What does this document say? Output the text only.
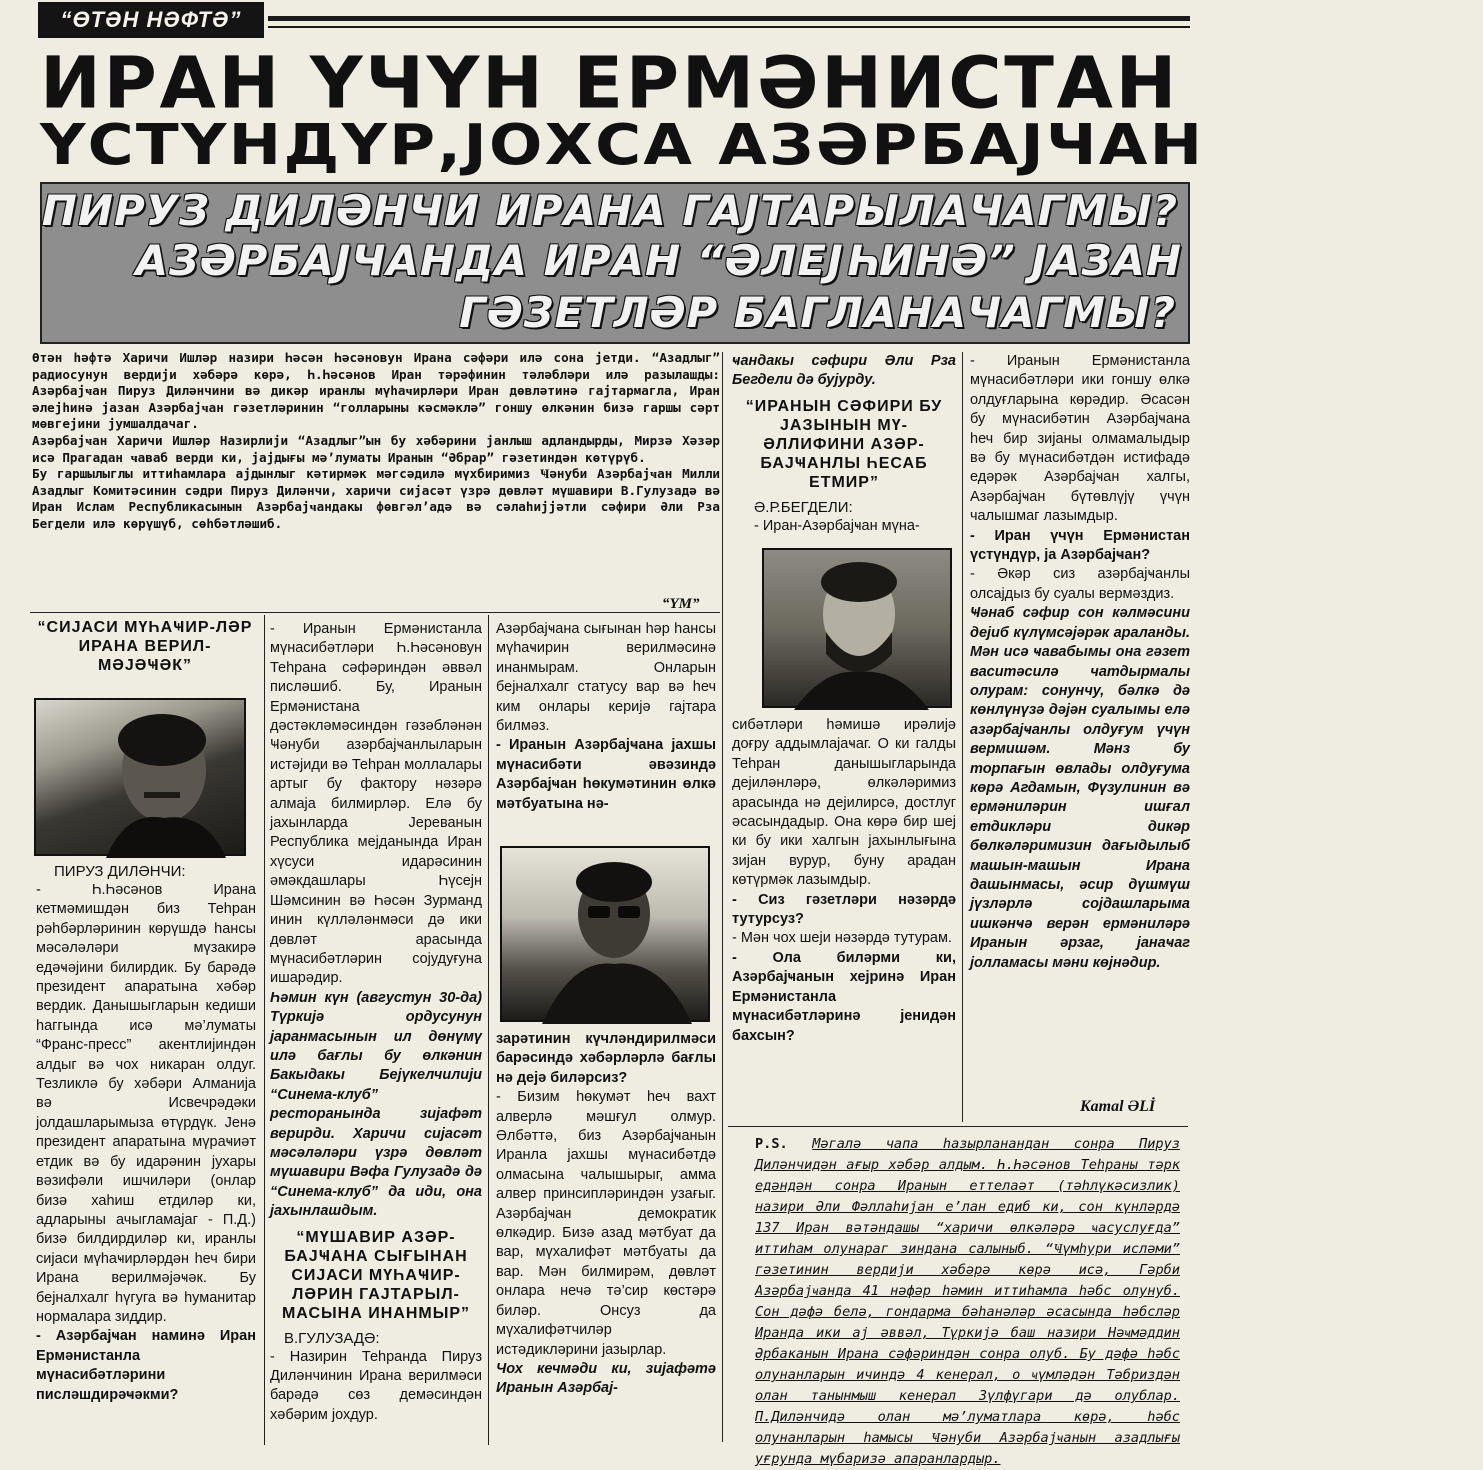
“ӨТӘН НӘФТӘ”
ИРАН ҮЧҮН ЕРМӘНИСТАН
ҮСТҮНДҮР,ЈОХСА АЗӘРБАЈЧАН
ПИРУЗ ДИЛӘНЧИ ИРАНА ГАЈТАРЫЛАЧАГМЫ?
АЗӘРБАЈЧАНДА ИРАН “ӘЛЕЈҺИНӘ” ЈАЗАН
ГӘЗЕТЛӘР БАГЛАНАЧАГМЫ?

Өтән һәфтә Харичи Ишләр назири Һәсән Һәсәновун Ирана сәфәри илә сона јетди. “Азадлыг” радиосунун вердији хәбәрә көрә, Һ.Һәсәнов Иран тәрәфинин тәләбләри илә разылашды: Азәрбајҹан Пируз Диләнчини вә дикәр иранлы мүһаҹирләри Иран дөвләтинә гајтармагла, Иран әлејһинә јазан Азәрбајҹан гәзетләринин “голларыны кәсмәклә” гоншу өлкәнин бизә гаршы сәрт мөвгејини јумшалдачаг.

Азәрбајҹан Харичи Ишләр Назирлији “Азадлыг”ын бу хәбәрини јанлыш адландырды, Мирзә Хәзәр исә Прагадан ҹаваб верди ки, јајдығы мә’луматы Иранын “Әбрар” гәзетиндән көтүрүб.

Бу гаршылыглы иттиһамлара ајдынлыг кәтирмәк мәгсәдилә мүхбиримиз Ҹәнуби Азәрбајҹан Милли Азадлыг Комитәсинин сәдри Пируз Диләнчи, харичи сијасәт үзрә дөвләт мүшавири В.Гулузадә вә Иран Ислам Республикасынын Азәрбајҹандакы фөвгәл’адә вә сәлаһијјәтли сәфири Әли Рза Бегдели илә көрүшүб, сөһбәтләшиб.

“ҮМ”
“СИЈАСИ МҮҺАҸИР-ЛӘР ИРАНА ВЕРИЛ-МӘЈӘҸӘК”

ПИРУЗ ДИЛӘНЧИ:

- Һ.Һәсәнов Ирана кетмәмишдән биз Теһран рәһбәрләринин көрүшдә һансы мәсәләләри мүзакирә едәҹәјини билирдик. Бу барәдә президент апаратына хәбәр вердик. Данышыгларын кедиши һаггында исә мә’луматы “Франс-пресс” акентлијиндән алдыг вә чох никаран олдуг. Тезликлә бу хәбәри Алманија вә Исвечрәдәки јолдашларымыза өтүрдүк. Јенә президент апаратына мүраҹиәт етдик вә бу идарәнин јухары вәзифәли ишчиләри (онлар бизә хаһиш етдиләр ки, адларыны ачыгламајаг - П.Д.) бизә билдирдиләр ки, иранлы сијаси мүһаҹирләрдән һеч бири Ирана верилмәјәҹәк. Бу бејналхалг һүгуга вә һуманитар нормалара зиддир.

- Азәрбајҹан наминә Иран Ермәнистанла мүнасибәтләрини писләшдирәҹәкми?

- Иранын Ермәнистанла мүнасибәтләри Һ.Һәсәновун Теһрана сәфәриндән әввәл писләшиб. Бу, Иранын Ермәнистана дәстәкләмәсиндән гәзәбләнән Ҹәнуби азәрбајҹанлыларын истәјиди вә Теһран моллалары артыг бу фактору нәзәрә алмаја билмирләр. Елә бу јахынларда Јереванын Республика мејданында Иран хүсуси идарәсинин әмәкдашлары Һүсејн Шәмсинин вә Һәсән Зурманд инин күлләләнмәси дә ики дөвләт арасында мүнасибәтләрин сојудуғуна ишарәдир.

Һәмин күн (августун 30-да) Түркијә ордусунун јаранмасынын ил дөнүмү илә бағлы бу өлкәнин Бакыдакы Бејүкелчилији “Синема-клуб” ресторанында зијафәт верирди. Харичи сијасәт мәсәләләри үзрә дөвләт мүшавири Вәфа Гулузадә дә “Синема-клуб” да иди, она јахынлашдым.

“МҮШАВИР АЗӘР-БАЈҸАНА СЫҒЫНАН СИЈАСИ МҮҺАҸИР-ЛӘРИН ГАЈТАРЫЛ-МАСЫНА ИНАНМЫР”

В.ГУЛУЗАДӘ:

- Назирин Теһранда Пируз Диләнчинин Ирана верилмәси барәдә сөз демәсиндән хәбәрим јохдур.

Азәрбајҹана сығынан һәр һансы мүһаҹирин верилмәсинә инанмырам. Онларын бејналхалг статусу вар вә һеч ким онлары керијә гајтара билмәз.

- Иранын Азәрбајҹана јахшы мүнасибәти әвәзиндә Азәрбајҹан һөкумәтинин өлкә мәтбуатына нә-

зарәтинин күчләндирилмәси барәсиндә хәбәрләрлә бағлы нә дејә биләрсиз?

- Бизим һөкумәт һеч вахт алверлә мәшғул олмур. Әлбәттә, биз Азәрбајҹанын Иранла јахшы мүнасибәтдә олмасына чалышырыг, амма алвер принсипләриндән узағыг. Азәрбајҹан демократик өлкәдир. Бизә азад мәтбуат да вар, мүхалифәт мәтбуаты да вар. Мән билмирәм, дөвләт онлара нечә тә’сир көстәрә биләр. Онсуз да мүхалифәтчиләр истәдикләрини јазырлар.

Чох кечмәди ки, зијафәтә Иранын Азәрбај-

ҹандакы сәфири Әли Рза Бегдели дә бујурду.

“ИРАНЫН СӘФИРИ БУ ЈАЗЫНЫН МҮ-ӘЛЛИФИНИ АЗӘР-БАЈҸАНЛЫ ҺЕСАБ ЕТМИР”

Ә.Р.БЕГДЕЛИ:

- Иран-Азәрбајҹан мүна-

сибәтләри һәмишә ирәлијә доғру аддымлајаҹаг. О ки галды Теһран данышыгларында дејиләнләрә, өлкәләримиз арасында нә дејилирсә, достлуг әсасындадыр. Она көрә бир шеј ки бу ики халгын јахынлығына зијан вурур, буну арадан көтүрмәк лазымдыр.

- Сиз гәзетләри нәзәрдә тутурсуз?

- Мән чох шеји нәзәрдә тутурам.

- Ола биләрми ки, Азәрбајҹанын хејринә Иран Ермәнистанла мүнасибәтләринә јенидән бахсын?

- Иранын Ермәнистанла мүнасибәтләри ики гоншу өлкә олдуғларына көрәдир. Әсасән бу мүнасибәтин Азәрбајҹана һеч бир зијаны олмамалыдыр вә бу мүнасибәтдән истифадә едәрәк Азәрбајҹан халгы, Азәрбајҹан бүтөвлүјү үчүн чалышмаг лазымдыр.

- Иран үчүн Ермәнистан үстүндүр, ја Азәрбајҹан?

- Әкәр сиз азәрбајҹанлы олсајдыз бу суалы вермәздиз.

Ҹәнаб сәфир сон кәлмәсини дејиб күлүмсәјәрәк араланды. Мән исә ҹавабымы она гәзет васитәсилә чатдырмалы олурам: сонунчу, бәлкә дә көнлүнүзә дәјән суалымы елә азәрбајҹанлы олдуғум үчүн вермишәм. Мәнз бу торпағын өвлады олдуғума көрә Агдамын, Фүзулинин вә ермәниләрин ишғал етдикләри дикәр бөлкәләримизин дағыдылыб машын-машын Ирана дашынмасы, әсир дүшмүш јүзләрлә сојдашларыма ишкәнҹә верән ермәниләрә Иранын әрзаг, јанаҹаг јолламасы мәни көјнәдир.

Kamal ƏLİ
P.S. Мәгалә чапа һазырланандан сонра Пируз Диләнчидән ағыр хәбәр алдым. Һ.Һәсәнов Теһраны тәрк едәндән сонра Иранын еттелаәт (тәһлүкәсизлик) назири Әли Фәллаһијан е’лан едиб ки, сон күнләрдә 137 Иран вәтәндашы “харичи өлкәләрә ҹасуслуғда” иттиһам олунараг зиндана салыныб. “Ҹүмһури исләми” гәзетинин вердији хәбәрә көрә исә, Гәрби Азәрбајҹанда 41 нәфәр һәмин иттиһамла һәбс олунуб. Сон дәфә белә, гондарма бәһанәләр әсасында һәбсләр Иранда ики ај әввәл, Түркијә баш назири Нәҹмәддин Әрбаканын Ирана сәфәриндән сонра олуб. Бу дәфә һәбс олунанларын ичиндә 4 кенерал, о ҹүмләдән Тәбриздән олан танынмыш кенерал Зүлфүгари дә олублар. П.Диләнчидә олан мә’луматлара көрә, һәбс олунанларын һамысы Ҹәнуби Азәрбајҹанын азадлығы уғрунда мүбаризә апаранлардыр.
